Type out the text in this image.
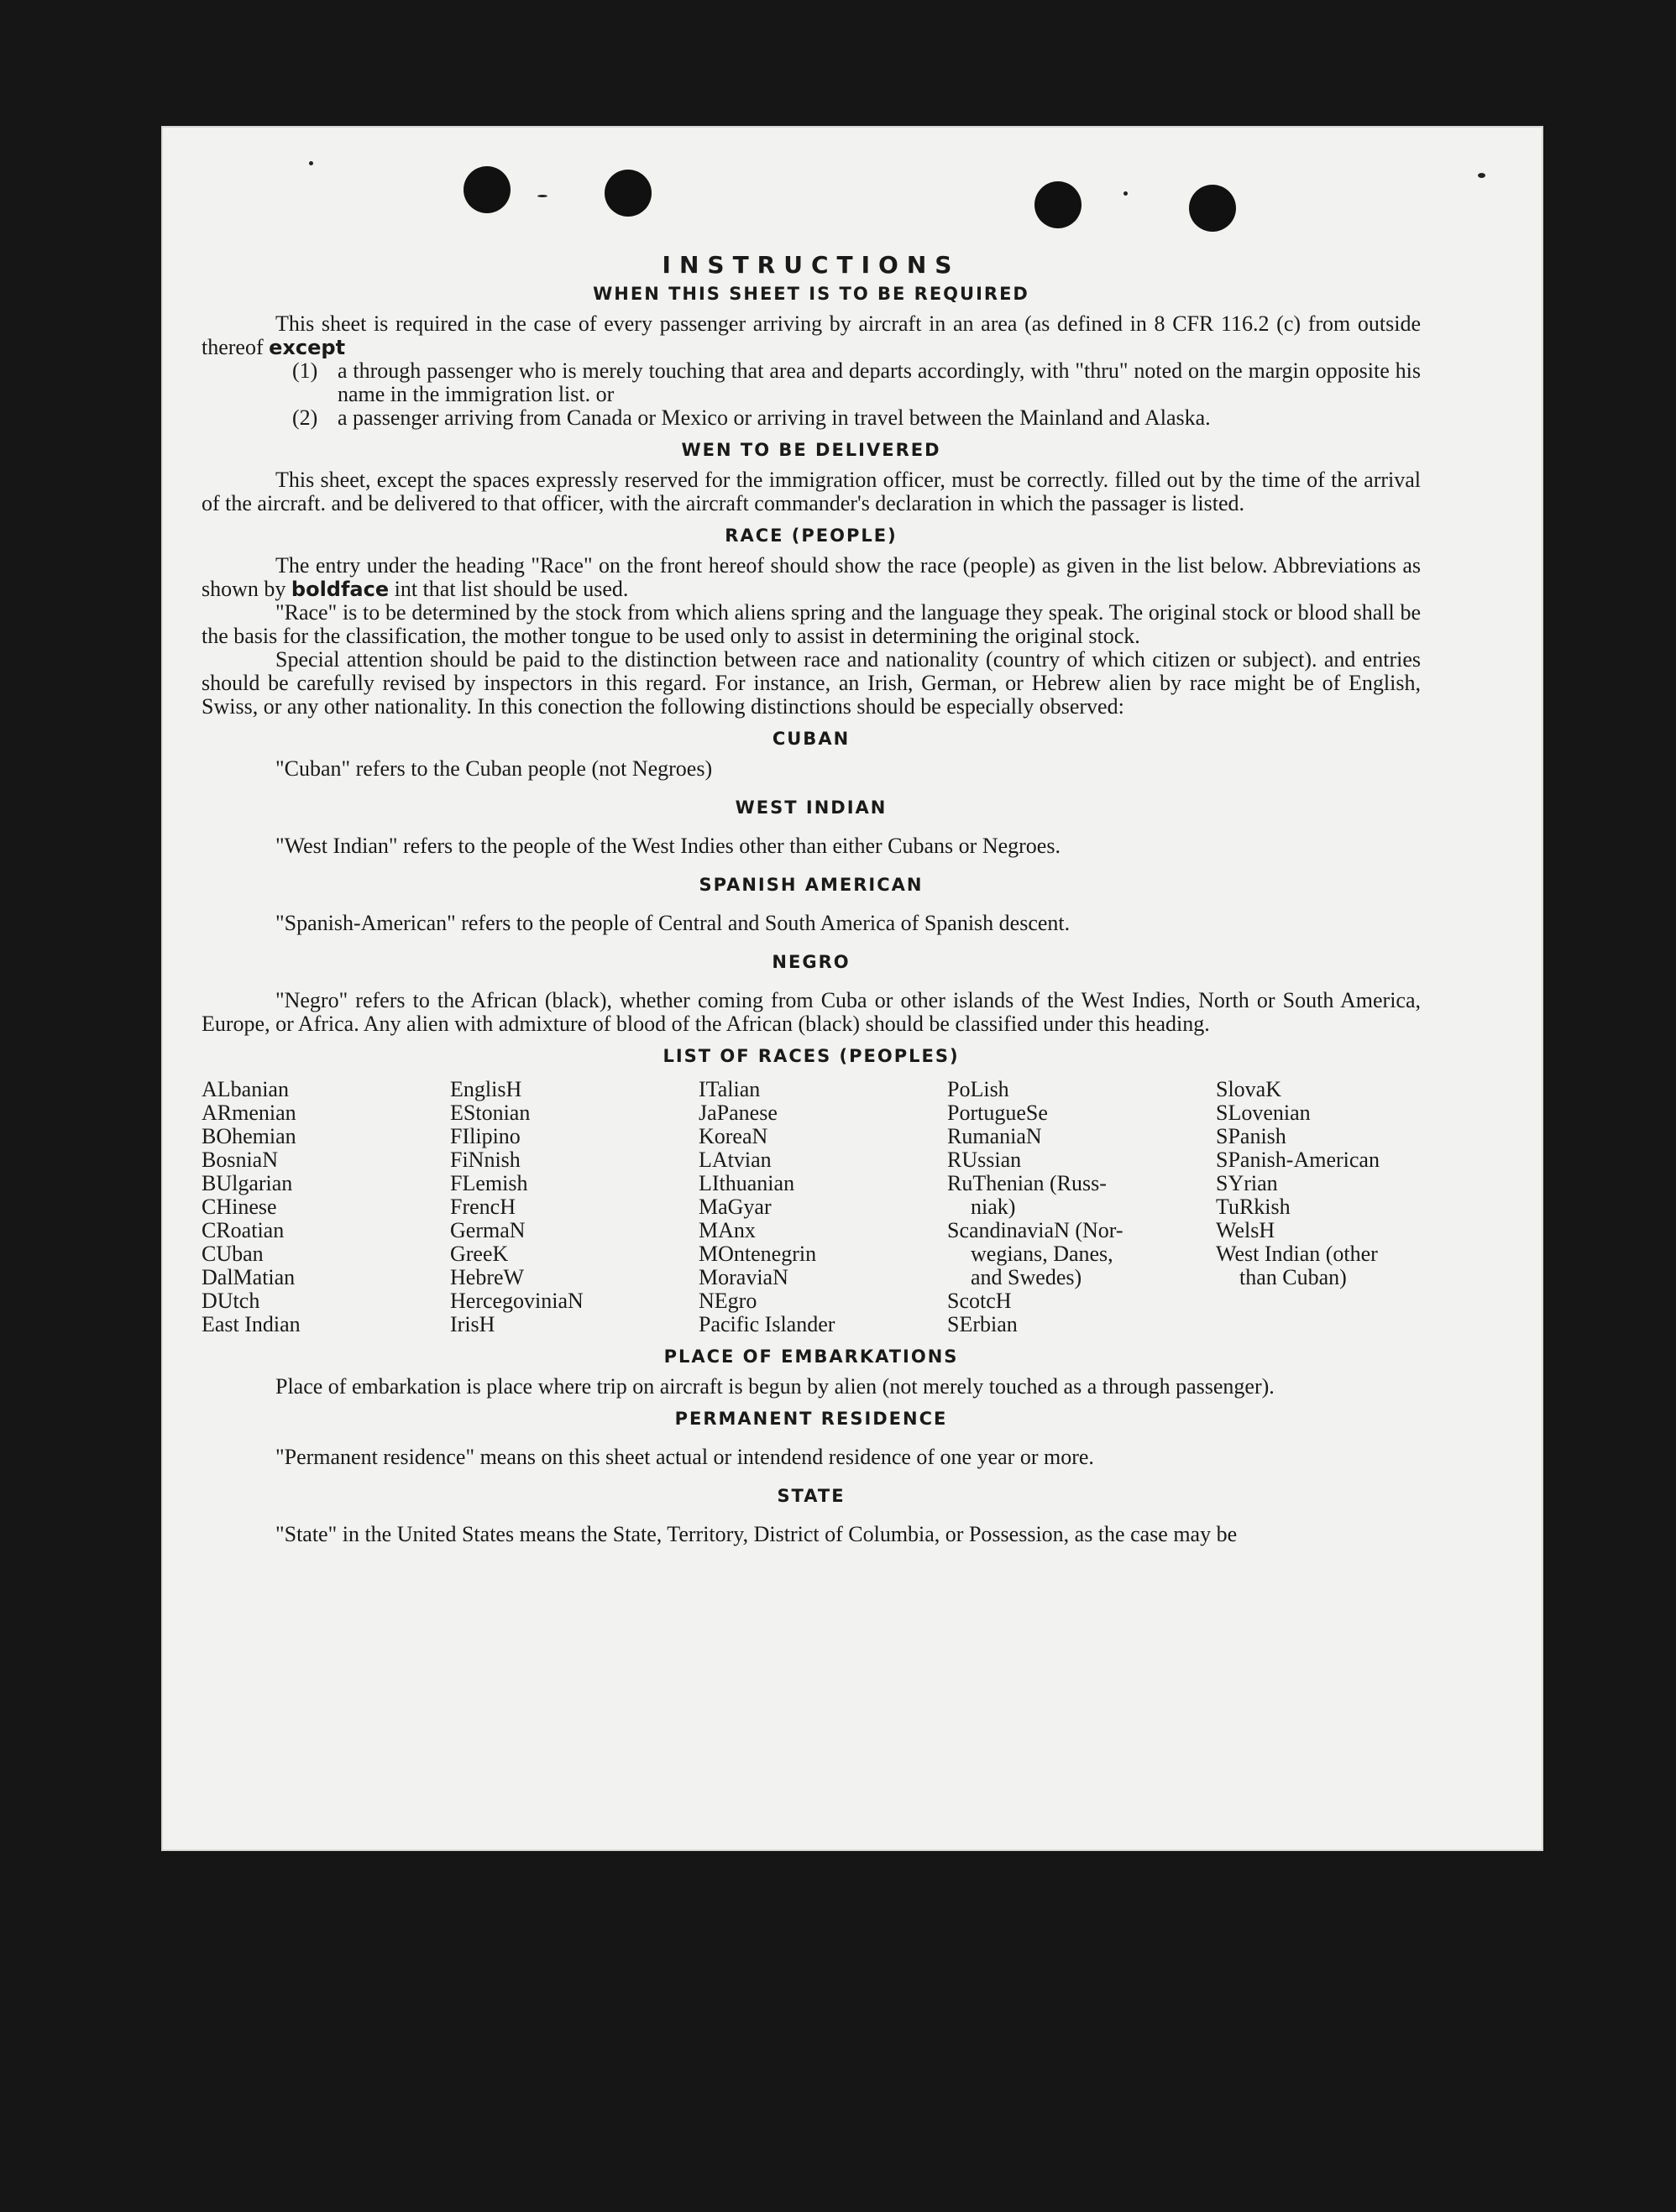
INSTRUCTIONS
WHEN THIS SHEET IS TO BE REQUIRED

This sheet is required in the case of every passenger arriving by aircraft in an area (as defined in 8 CFR 116.2 (c) from outside thereof except

(1) a through passenger who is merely touching that area and departs accordingly, with "thru" noted on the margin opposite his name in the immigration list. or
(2) a passenger arriving from Canada or Mexico or arriving in travel between the Mainland and Alaska.
WEN TO BE DELIVERED

This sheet, except the spaces expressly reserved for the immigration officer, must be correctly. filled out by the time of the arrival of the aircraft. and be delivered to that officer, with the aircraft commander's declaration in which the passager is listed.

RACE (PEOPLE)

The entry under the heading "Race" on the front hereof should show the race (people) as given in the list below. Abbreviations as shown by boldface int that list should be used.

"Race" is to be determined by the stock from which aliens spring and the language they speak. The original stock or blood shall be the basis for the classification, the mother tongue to be used only to assist in determining the original stock.

Special attention should be paid to the distinction between race and nationality (country of which citizen or subject). and entries should be carefully revised by inspectors in this regard. For instance, an Irish, German, or Hebrew alien by race might be of English, Swiss, or any other nationality. In this conection the following distinctions should be especially observed:

CUBAN

"Cuban" refers to the Cuban people (not Negroes)

WEST INDIAN

"West Indian" refers to the people of the West Indies other than either Cubans or Negroes.

SPANISH AMERICAN

"Spanish-American" refers to the people of Central and South America of Spanish descent.

NEGRO

"Negro" refers to the African (black), whether coming from Cuba or other islands of the West Indies, North or South America, Europe, or Africa. Any alien with admixture of blood of the African (black) should be classified under this heading.

LIST OF RACES (PEOPLES)
ALbanian
ARmenian
BOhemian
BosniaN
BUlgarian
CHinese
CRoatian
CUban
DalMatian
DUtch
East Indian
EnglisH
EStonian
FIlipino
FiNnish
FLemish
FrencH
GermaN
GreeK
HebreW
HercegoviniaN
IrisH
ITalian
JaPanese
KoreaN
LAtvian
LIthuanian
MaGyar
MAnx
MOntenegrin
MoraviaN
NEgro
Pacific Islander
PoLish
PortugueSe
RumaniaN
RUssian
RuThenian (Russ-
niak)
ScandinaviaN (Nor-
wegians, Danes,
and Swedes)
ScotcH
SErbian
SlovaK
SLovenian
SPanish
SPanish-American
SYrian
TuRkish
WelsH
West Indian (other
than Cuban)
PLACE OF EMBARKATIONS

Place of embarkation is place where trip on aircraft is begun by alien (not merely touched as a through passenger).

PERMANENT RESIDENCE

"Permanent residence" means on this sheet actual or intendend residence of one year or more.

STATE

"State" in the United States means the State, Territory, District of Columbia, or Possession, as the case may be
